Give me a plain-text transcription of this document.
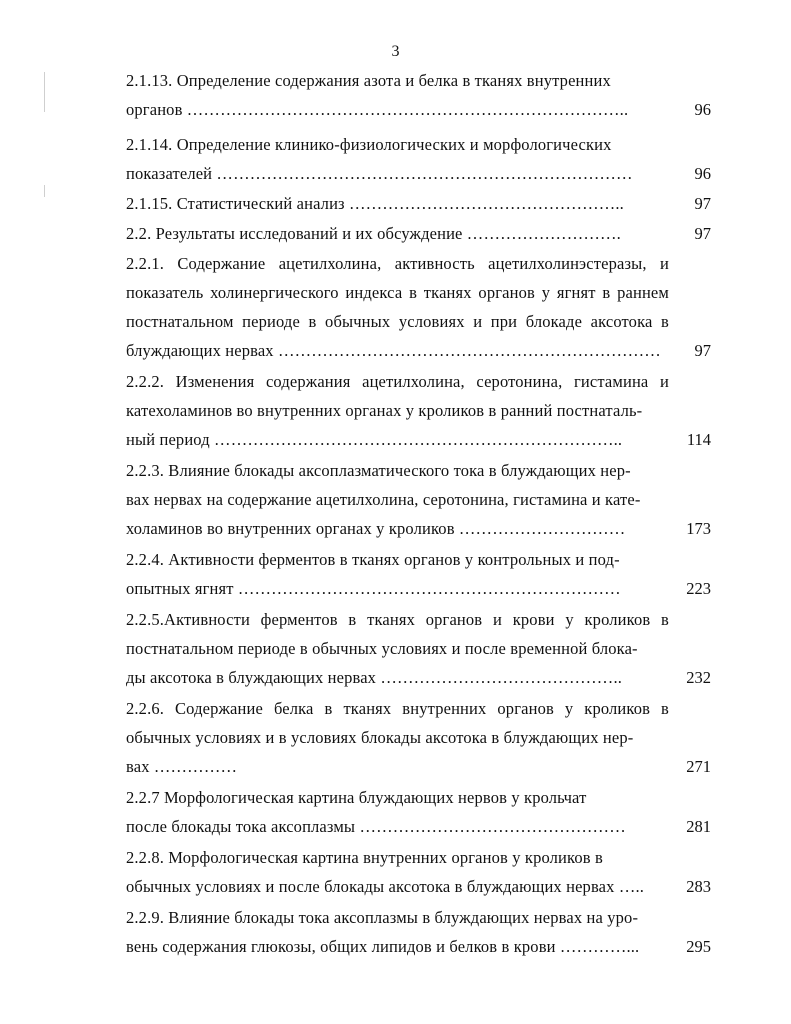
3
2.1.13. Определение содержания азота и белка в тканях внутренних
органов ……………………………………………………………………..	96
2.1.14. Определение клинико-физиологических и морфологических
показателей …………………………………………………………………	96
2.1.15. Статистический анализ …………………………………………..	97
2.2. Результаты исследований и их обсуждение ……………………….	97
2.2.1. Содержание ацетилхолина, активность ацетилхолинэстеразы, и показатель холинергического индекса в тканях органов у ягнят в раннем постнатальном периоде в обычных условиях и при блокаде аксотока в блуждающих нервах ……………………………………………………………	97
2.2.2. Изменения содержания ацетилхолина, серотонина, гистамина и катехоламинов во внутренних органах у кроликов в ранний постнаталь-
ный период ………………………………………………………………..	114
2.2.3. Влияние блокады аксоплазматического тока в блуждающих нер-
вах нервах на содержание ацетилхолина, серотонина, гистамина и кате-
холаминов во внутренних органах у кроликов …………………………	173
2.2.4. Активности ферментов в тканях органов у контрольных и под-
опытных ягнят ……………………………………………………………	223
2.2.5.Активности ферментов в тканях органов и крови у кроликов в постнатальном периоде в обычных условиях и после временной блока-
ды аксотока в блуждающих нервах ……………………………………..	232
2.2.6. Содержание белка в тканях внутренних органов у кроликов в обычных условиях и в условиях блокады аксотока в блуждающих нер-
вах ……………	271
2.2.7 Морфологическая картина блуждающих нервов у крольчат
после блокады тока аксоплазмы …………………………………………	281
2.2.8. Морфологическая картина внутренних органов у кроликов в
обычных условиях и после блокады аксотока в блуждающих нервах …..	283
2.2.9. Влияние блокады тока аксоплазмы в блуждающих нервах на уро-
вень содержания глюкозы, общих липидов и белков в крови …………...	295
